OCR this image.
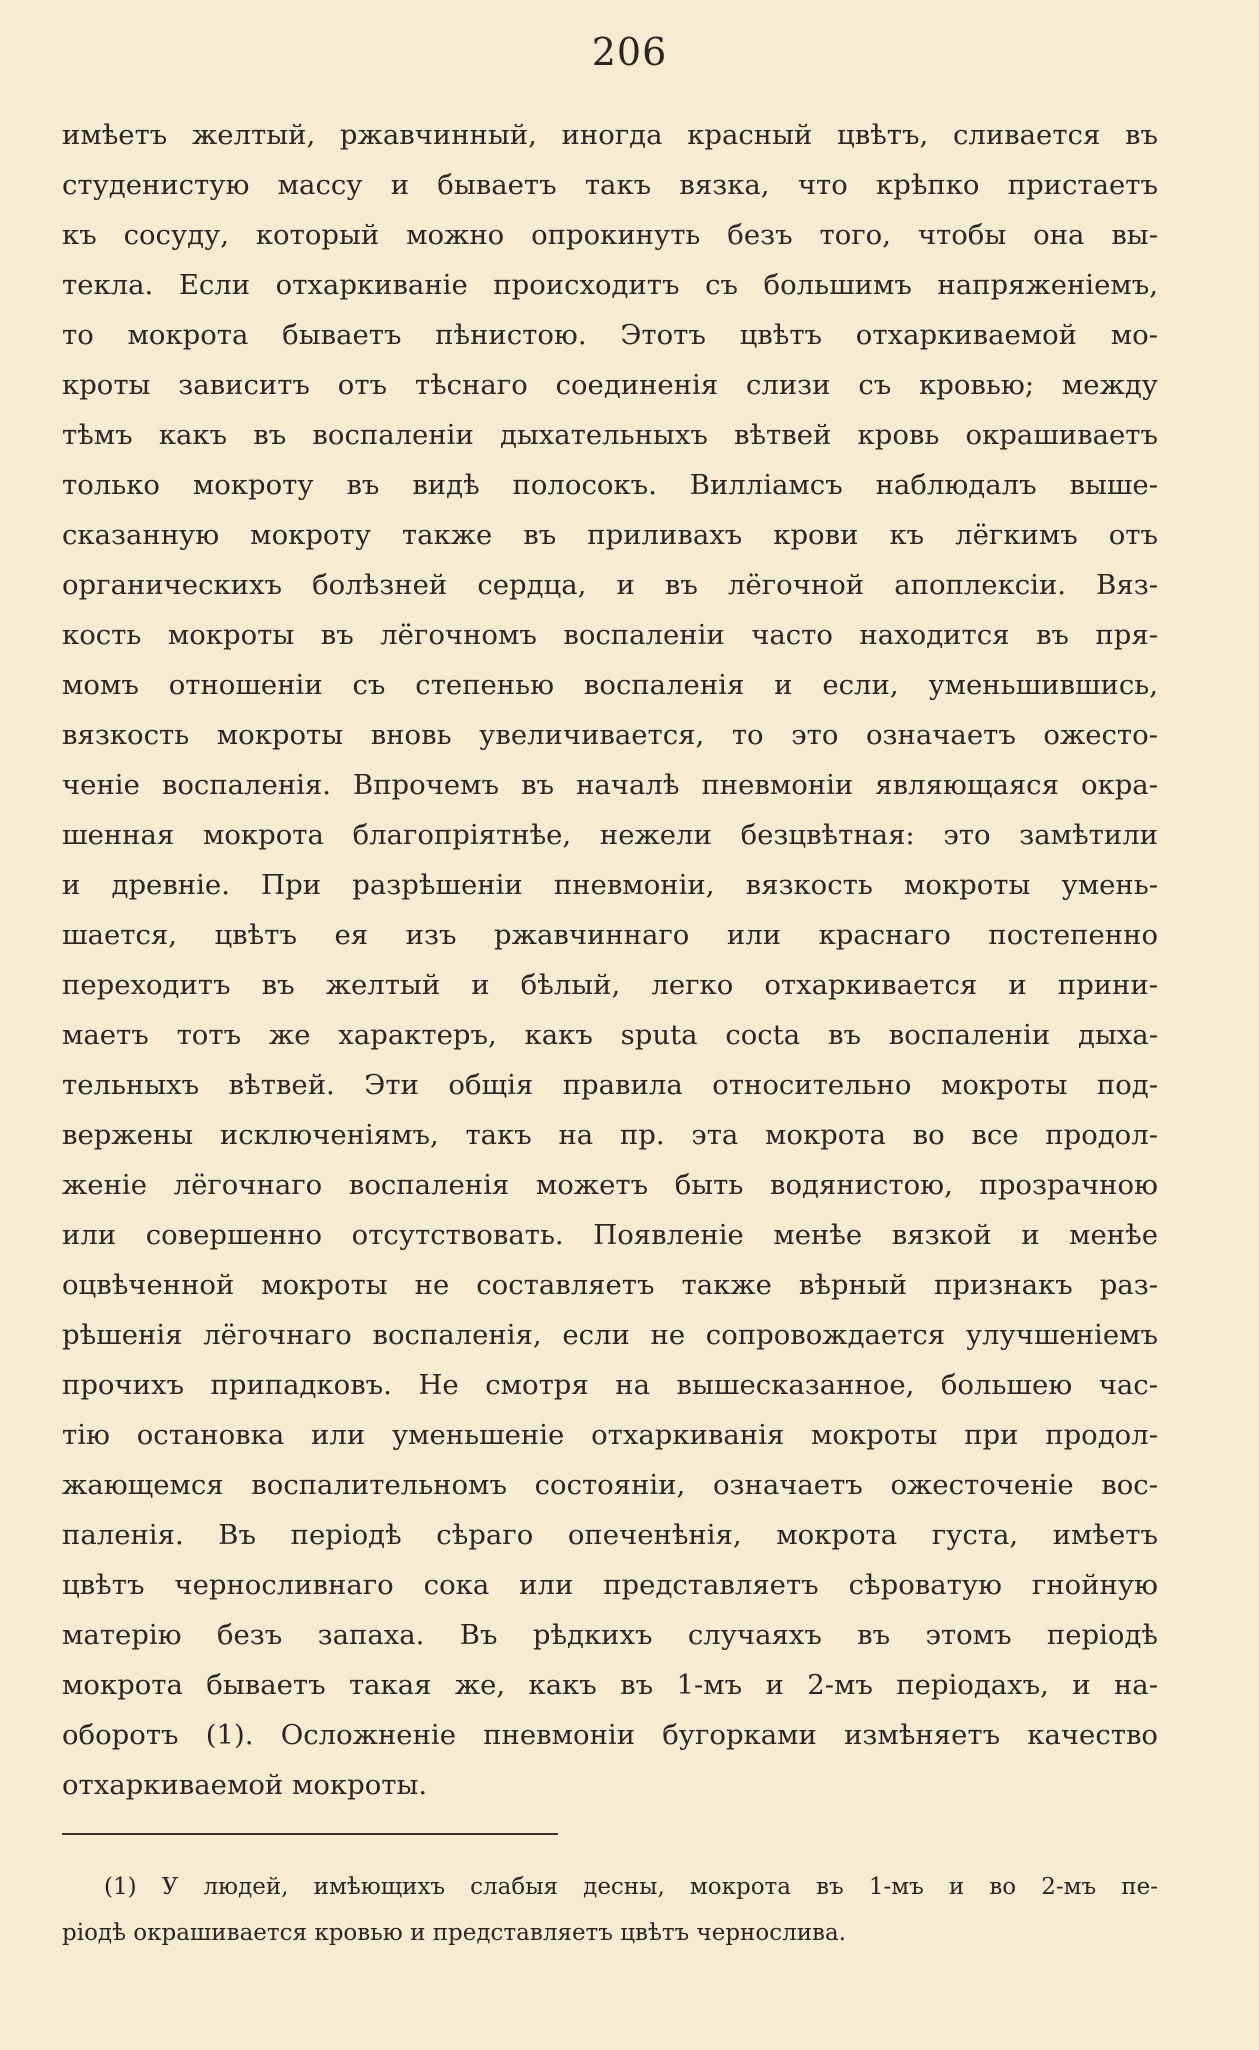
206
имѣетъ желтый, ржавчинный, иногда красный цвѣтъ, сливается въ
студенистую массу и бываетъ такъ вязка, что крѣпко пристаетъ
къ сосуду, который можно опрокинуть безъ того, чтобы она вы-
текла. Если отхаркиваніе происходитъ съ большимъ напряженіемъ,
то мокрота бываетъ пѣнистою. Этотъ цвѣтъ отхаркиваемой мо-
кроты зависитъ отъ тѣснаго соединенія слизи съ кровью; между
тѣмъ какъ въ воспаленіи дыхательныхъ вѣтвей кровь окрашиваетъ
только мокроту въ видѣ полосокъ. Вилліамсъ наблюдалъ выше-
сказанную мокроту также въ приливахъ крови къ лёгкимъ отъ
органическихъ болѣзней сердца, и въ лёгочной апоплексіи. Вяз-
кость мокроты въ лёгочномъ воспаленіи часто находится въ пря-
момъ отношеніи съ степенью воспаленія и если, уменьшившись,
вязкость мокроты вновь увеличивается, то это означаетъ ожесто-
ченіе воспаленія. Впрочемъ въ началѣ пневмоніи являющаяся окра-
шенная мокрота благопріятнѣе, нежели безцвѣтная: это замѣтили
и древніе. При разрѣшеніи пневмоніи, вязкость мокроты умень-
шается, цвѣтъ ея изъ ржавчиннаго или краснаго постепенно
переходитъ въ желтый и бѣлый, легко отхаркивается и прини-
маетъ тотъ же характеръ, какъ sputa cocta въ воспаленіи дыха-
тельныхъ вѣтвей. Эти общія правила относительно мокроты под-
вержены исключеніямъ, такъ на пр. эта мокрота во все продол-
женіе лёгочнаго воспаленія можетъ быть водянистою, прозрачною
или совершенно отсутствовать. Появленіе менѣе вязкой и менѣе
оцвѣченной мокроты не составляетъ также вѣрный признакъ раз-
рѣшенія лёгочнаго воспаленія, если не сопровождается улучшеніемъ
прочихъ припадковъ. Не смотря на вышесказанное, большею час-
тію остановка или уменьшеніе отхаркиванія мокроты при продол-
жающемся воспалительномъ состояніи, означаетъ ожесточеніе вос-
паленія. Въ періодѣ сѣраго опеченѣнія, мокрота густа, имѣетъ
цвѣтъ черносливнаго сока или представляетъ сѣроватую гнойную
матерію безъ запаха. Въ рѣдкихъ случаяхъ въ этомъ періодѣ
мокрота бываетъ такая же, какъ въ 1-мъ и 2-мъ періодахъ, и на-
оборотъ (1). Осложненіе пневмоніи бугорками измѣняетъ качество
отхаркиваемой мокроты.
(1) У людей, имѣющихъ слабыя десны, мокрота въ 1-мъ и во 2-мъ пе-
ріодѣ окрашивается кровью и представляетъ цвѣтъ чернослива.
